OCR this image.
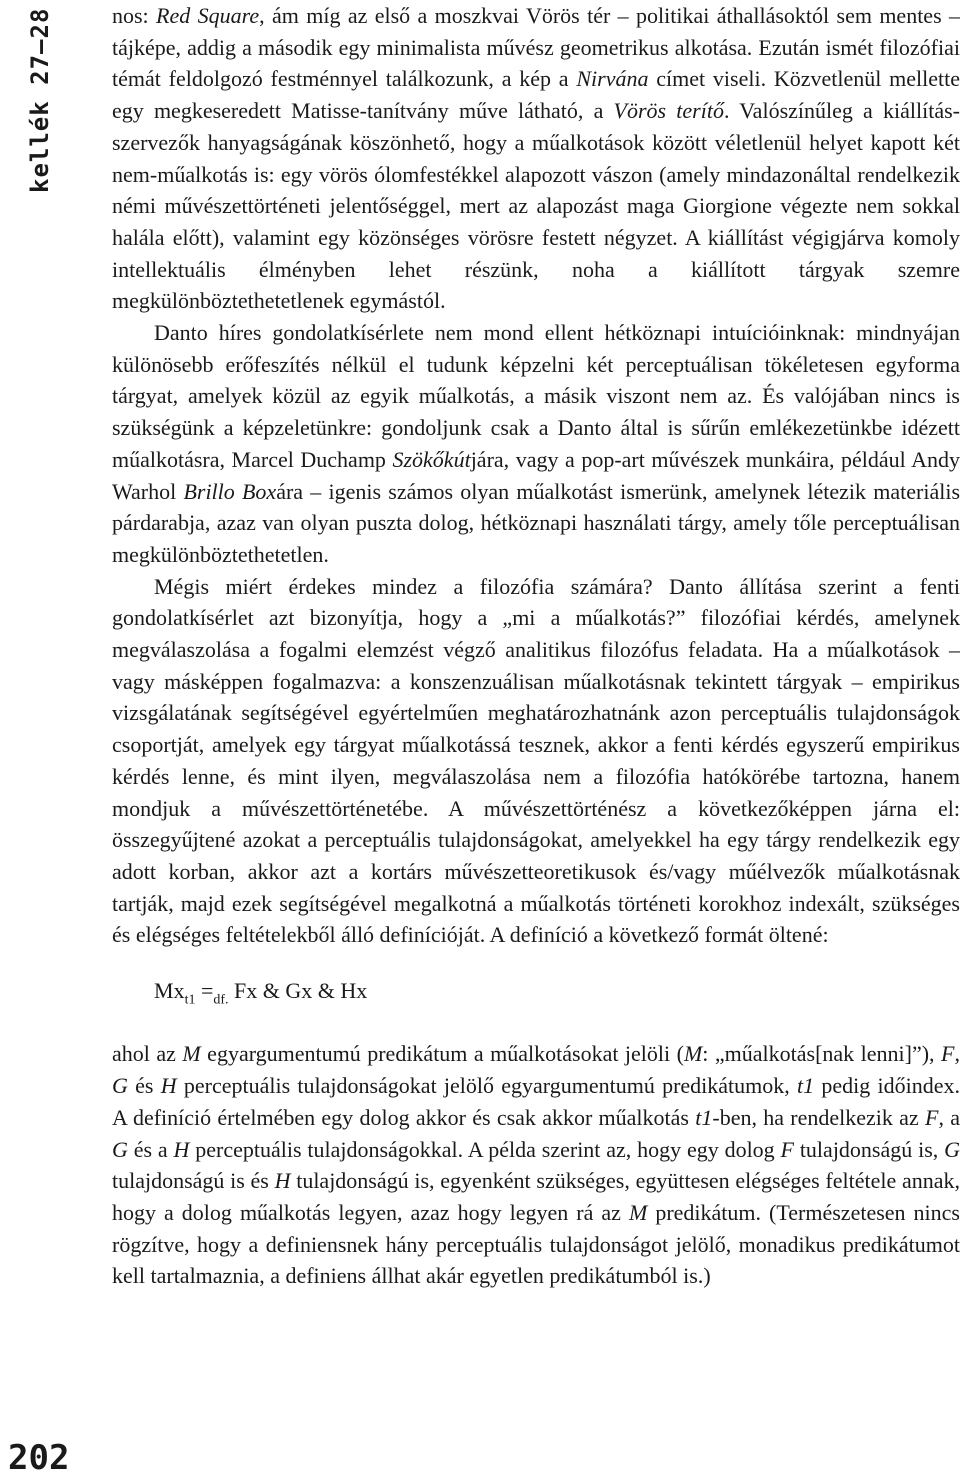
kellék 27–28	nos: Red Square, ám míg az első a moszkvai Vörös tér – politikai áthallásoktól sem mentes – tájképe, addig a második egy minimalista művész geometrikus alkotása. Ezután ismét filozófiai témát feldolgozó festménnyel találkozunk, a kép a Nirvána címet viseli. Közvetlenül mellette egy megkeseredett Matisse-tanítvány műve látható, a Vörös terítő. Valószínűleg a kiállítás-szervezők hanyagságának köszönhető, hogy a műalkotások között véletlenül helyet kapott két nem-műalkotás is: egy vörös ólomfestékkel alapozott vászon (amely mindazonáltal rendelkezik némi művészettörténeti jelentőséggel, mert az alapozást maga Giorgione végezte nem sokkal halála előtt), valamint egy közönséges vörösre festett négyzet. A kiállítást végigjárva komoly intellektuális élményben lehet részünk, noha a kiállított tárgyak szemre megkülönböztethetetlenek egymástól.

Danto híres gondolatkísérlete nem mond ellent hétköznapi intuícióinknak: mindnyájan különösebb erőfeszítés nélkül el tudunk képzelni két perceptuálisan tökéletesen egyforma tárgyat, amelyek közül az egyik műalkotás, a másik viszont nem az. És valójában nincs is szükségünk a képzeletünkre: gondoljunk csak a Danto által is sűrűn emlékezetünkbe idézett műalkotásra, Marcel Duchamp Szökőkútjára, vagy a pop-art művészek munkáira, például Andy Warhol Brillo Boxára – igenis számos olyan műalkotást ismerünk, amelynek létezik materiális párdarabja, azaz van olyan puszta dolog, hétköznapi használati tárgy, amely tőle perceptuálisan megkülönböztethetetlen.

Mégis miért érdekes mindez a filozófia számára? Danto állítása szerint a fenti gondolatkísérlet azt bizonyítja, hogy a „mi a műalkotás?” filozófiai kérdés, amelynek megválaszolása a fogalmi elemzést végző analitikus filozófus feladata. Ha a műalkotások – vagy másképpen fogalmazva: a konszenzuálisan műalkotásnak tekintett tárgyak – empirikus vizsgálatának segítségével egyértelműen meghatározhatnánk azon perceptuális tulajdonságok csoportját, amelyek egy tárgyat műalkotássá tesznek, akkor a fenti kérdés egyszerű empirikus kérdés lenne, és mint ilyen, megválaszolása nem a filozófia hatókörébe tartozna, hanem mondjuk a művészettörténetébe. A művészettörténész a következőképpen járna el: összegyűjtené azokat a perceptuális tulajdonságokat, amelyekkel ha egy tárgy rendelkezik egy adott korban, akkor azt a kortárs művészetteoretikusok és/vagy műélvezők műalkotásnak tartják, majd ezek segítségével megalkotná a műalkotás történeti korokhoz indexált, szükséges és elégséges feltételekből álló definícióját. A definíció a következő formát öltené:

$Mx_{t1} =_{df.}$ Fx & Gx & Hx

ahol az M egyargumentumú predikátum a műalkotásokat jelöli (M: „műalkotás[nak lenni]”), F, G és H perceptuális tulajdonságokat jelölő egyargumentumú predikátumok, t1 pedig időindex. A definíció értelmében egy dolog akkor és csak akkor műalkotás t1-ben, ha rendelkezik az F, a G és a H perceptuális tulajdonságokkal. A példa szerint az, hogy egy dolog F tulajdonságú is, G tulajdonságú is és H tulajdonságú is, egyenként szükséges, együttesen elégséges feltétele annak, hogy a dolog műalkotás legyen, azaz hogy legyen rá az M predikátum. (Természetesen nincs rögzítve, hogy a definiensnek hány perceptuális tulajdonságot jelölő, monadikus predikátumot kell tartalmaznia, a definiens állhat akár egyetlen predikátumból is.)

202
